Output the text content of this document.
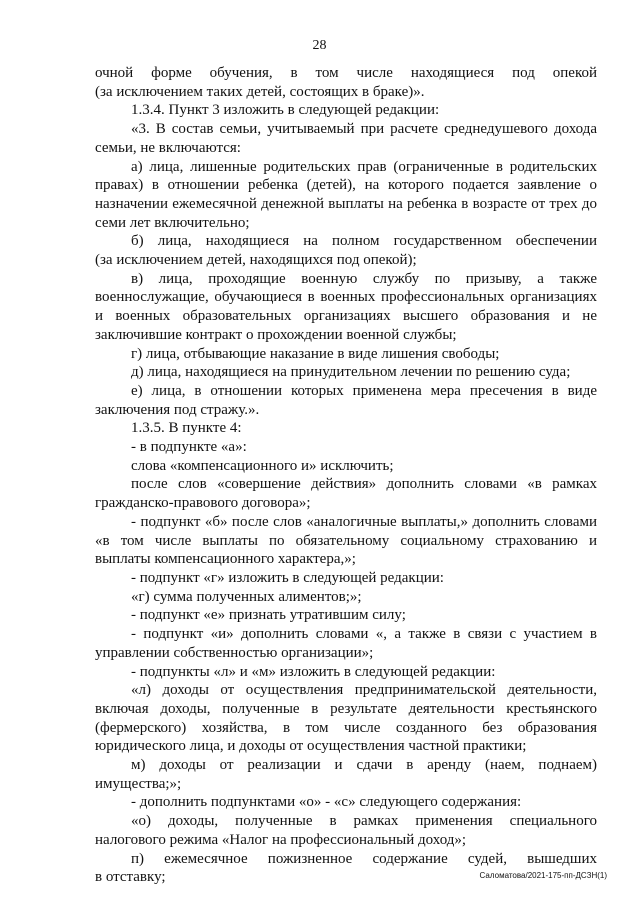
28
очной форме обучения, в том числе находящиеся под опекой
(за исключением таких детей, состоящих в браке)».
1.3.4. Пункт 3 изложить в следующей редакции:
«3. В состав семьи, учитываемый при расчете среднедушевого дохода
семьи, не включаются:
а) лица, лишенные родительских прав (ограниченные в родительских
правах) в отношении ребенка (детей), на которого подается заявление о
назначении ежемесячной денежной выплаты на ребенка в возрасте от трех до
семи лет включительно;
б) лица, находящиеся на полном государственном обеспечении
(за исключением детей, находящихся под опекой);
в) лица, проходящие военную службу по призыву, а также
военнослужащие, обучающиеся в военных профессиональных организациях
и военных образовательных организациях высшего образования и не
заключившие контракт о прохождении военной службы;
г) лица, отбывающие наказание в виде лишения свободы;
д) лица, находящиеся на принудительном лечении по решению суда;
е) лица, в отношении которых применена мера пресечения в виде
заключения под стражу.».
1.3.5. В пункте 4:
- в подпункте «а»:
слова «компенсационного и» исключить;
после слов «совершение действия» дополнить словами «в рамках
гражданско-правового договора»;
- подпункт «б» после слов «аналогичные выплаты,» дополнить словами
«в том числе выплаты по обязательному социальному страхованию и
выплаты компенсационного характера,»;
- подпункт «г» изложить в следующей редакции:
«г) сумма полученных алиментов;»;
- подпункт «е» признать утратившим силу;
- подпункт «и» дополнить словами «, а также в связи с участием в
управлении собственностью организации»;
- подпункты «л» и «м» изложить в следующей редакции:
«л) доходы от осуществления предпринимательской деятельности,
включая доходы, полученные в результате деятельности крестьянского
(фермерского) хозяйства, в том числе созданного без образования
юридического лица, и доходы от осуществления частной практики;
м) доходы от реализации и сдачи в аренду (наем, поднаем)
имущества;»;
- дополнить подпунктами «о» - «с» следующего содержания:
«о) доходы, полученные в рамках применения специального
налогового режима «Налог на профессиональный доход»;
п) ежемесячное пожизненное содержание судей, вышедших
в отставку;	Саломатова/2021-175-пп-ДСЗН(1)
